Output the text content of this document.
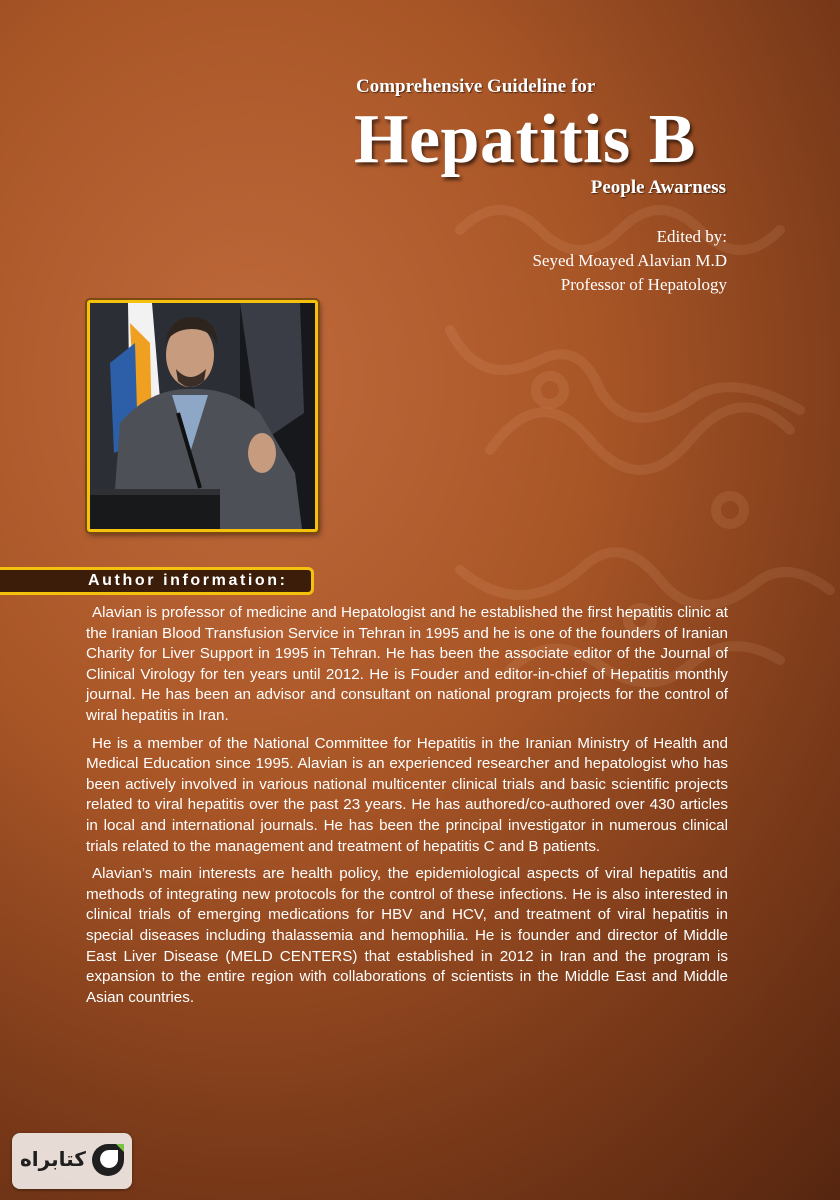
Comprehensive Guideline for
Hepatitis B
People Awarness
Edited by:
Seyed Moayed Alavian M.D
Professor of Hepatology
Author information:

Alavian is professor of medicine and Hepatologist and he established the first hepatitis clinic at the Iranian Blood Transfusion Service in Tehran in 1995 and he is one of the founders of Iranian Charity for Liver Support in 1995 in Tehran. He has been the associate editor of the Journal of Clinical Virology for ten years until 2012. He is Fouder and editor-in-chief of Hepatitis monthly journal. He has been an advisor and consultant on national program projects for the control of wiral hepatitis in Iran.

He is a member of the National Committee for Hepatitis in the Iranian Ministry of Health and Medical Education since 1995. Alavian is an experienced researcher and hepatologist who has been actively involved in various national multicenter clinical trials and basic scientific projects related to viral hepatitis over the past 23 years. He has authored/co-authored over 430 articles in local and international journals. He has been the principal investigator in numerous clinical trials related to the management and treatment of hepatitis C and B patients.

Alavian’s main interests are health policy, the epidemiological aspects of viral hepatitis and methods of integrating new protocols for the control of these infections. He is also interested in clinical trials of emerging medications for HBV and HCV, and treatment of viral hepatitis in special diseases including thalassemia and hemophilia. He is founder and director of Middle East Liver Disease (MELD CENTERS) that established in 2012 in Iran and the program is expansion to the entire region with collaborations of scientists in the Middle East and Middle Asian countries.

کتابراه
